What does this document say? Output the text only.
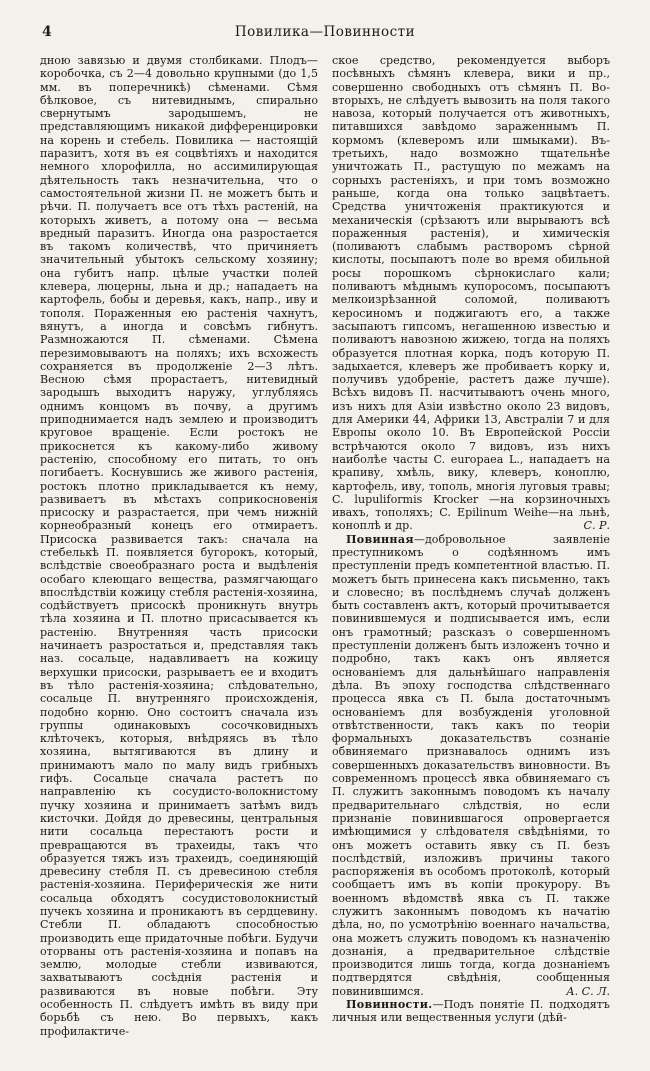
4	Повилика—Повинности

дною завязью и двумя столбиками. Плодъ—коробочка, съ 2—4 довольно крупными (до 1,5 мм. въ поперечникѣ) сѣменами. Сѣмя бѣлковое, съ нитевиднымъ, спирально свернутымъ зародышемъ, не представляющимъ никакой дифференцировки на корень и стебель. Повилика — настоящій паразитъ, хотя въ ея соцвѣтіяхъ и находится немного хлорофилла, но ассимилирующая дѣятельность такъ незначительна, что о самостоятельной жизни П. не можетъ быть и рѣчи. П. получаетъ все отъ тѣхъ растеній, на которыхъ живетъ, а потому она — весьма вредный паразитъ. Иногда она разростается въ такомъ количествѣ, что причиняетъ значительный убытокъ сельскому хозяину; она губитъ напр. цѣлые участки полей клевера, люцерны, льна и др.; нападаетъ на картофель, бобы и деревья, какъ, напр., иву и тополя. Пораженныя ею растенія чахнутъ, вянутъ, а иногда и совсѣмъ гибнутъ. Размножаются П. сѣменами. Сѣмена перезимовываютъ на поляхъ; ихъ всхожесть сохраняется въ продолженіе 2—3 лѣтъ. Весною сѣмя прорастаетъ, нитевидный зародышъ выходитъ наружу, углубляясь однимъ концомъ въ почву, а другимъ приподнимается надъ землею и производитъ круговое вращеніе. Если ростокъ не прикоснется къ какому-либо живому растенію, способному его питать, то онъ погибаетъ. Коснувшись же живого растенія, ростокъ плотно прикладывается къ нему, развиваетъ въ мѣстахъ соприкосновенія присоску и разрастается, при чемъ нижній корнеобразный конецъ его отмираетъ. Присоска развивается такъ: сначала на стебелькѣ П. появляется бугорокъ, который, вслѣдствіе своеобразнаго роста и выдѣленія особаго клеющаго вещества, размягчающаго впослѣдствіи кожицу стебля растенія-хозяина, содѣйствуетъ присоскѣ проникнуть внутрь тѣла хозяина и П. плотно присасывается къ растенію. Внутренняя часть присоски начинаетъ разростаться и, представляя такъ наз. сосальце, надавливаетъ на кожицу верхушки присоски, разрываетъ ее и входитъ въ тѣло растенія-хозяина; слѣдовательно, сосальце П. внутренняго происхожденія, подобно корню. Оно состоитъ сначала изъ группы одинаковыхъ сосочковидныхъ клѣточекъ, которыя, внѣдряясь въ тѣло хозяина, вытягиваются въ длину и принимаютъ мало по малу видъ грибныхъ гифъ. Сосальце сначала растетъ по направленію къ сосудисто-волокнистому пучку хозяина и принимаетъ затѣмъ видъ кисточки. Дойдя до древесины, центральныя нити сосальца перестаютъ рости и превращаются въ трахеиды, такъ что образуется тяжъ изъ трахеидъ, соединяющій древесину стебля П. съ древесиною стебля растенія-хозяина. Периферическія же нити сосальца обходятъ сосудистоволокнистый пучекъ хозяина и проникаютъ въ сердцевину. Стебли П. обладаютъ способностью производить еще придаточные побѣги. Будучи оторваны отъ растенія-хозяина и попавъ на землю, молодые стебли извиваются, захватываютъ сосѣднія растенія и развиваются въ новые побѣги. Эту особенность П. слѣдуетъ имѣть въ виду при борьбѣ съ нею. Во первыхъ, какъ профилактиче-

ское средство, рекомендуется выборъ посѣвныхъ сѣмянъ клевера, вики и пр., совершенно свободныхъ отъ сѣмянъ П. Во-вторыхъ, не слѣдуетъ вывозить на поля такого навоза, который получается отъ животныхъ, питавшихся завѣдомо зараженнымъ П. кормомъ (клеверомъ или шмыками). Въ-третьихъ, надо возможно тщательнѣе уничтожать П., растущую по межамъ на сорныхъ растеніяхъ, и при томъ возможно раньше, когда она только зацвѣтаетъ. Средства уничтоженія практикуются и механическія (срѣзаютъ или вырываютъ всѣ пораженныя растенія), и химическія (поливаютъ слабымъ растворомъ сѣрной кислоты, посыпаютъ поле во время обильной росы порошкомъ сѣрнокислаго кали; поливаютъ мѣднымъ купоросомъ, посыпаютъ мелкоизрѣзанной соломой, поливаютъ керосиномъ и поджигаютъ его, а также засыпаютъ гипсомъ, негашенною известью и поливаютъ навозною жижею, тогда на поляхъ образуется плотная корка, подъ которую П. задыхается, клеверъ же пробиваетъ корку и, получивъ удобреніе, растетъ даже лучше). Всѣхъ видовъ П. насчитываютъ очень много, изъ нихъ для Азіи извѣстно около 23 видовъ, для Америки 44, Африки 13, Австраліи 7 и для Европы около 10. Въ Европейской Россіи встрѣчаются около 7 видовъ, изъ нихъ наиболѣе часты C. europaea L., нападаетъ на крапиву, хмѣль, вику, клеверъ, коноплю, картофель, иву, тополь, многія луговыя травы; C. lupuliformis Krocker —на корзиночныхъ ивахъ, тополяхъ; C. Epilinum Weihe—на льнѣ, коноплѣ и др.	С. Р.

Повинная—добровольное заявленіе преступникомъ о содѣянномъ имъ преступленіи предъ компетентной властью. П. можетъ быть принесена какъ письменно, такъ и словесно; въ послѣднемъ случаѣ долженъ быть составленъ актъ, который прочитывается повинившемуся и подписывается имъ, если онъ грамотный; разсказъ о совершенномъ преступленіи долженъ быть изложенъ точно и подробно, такъ какъ онъ является основаніемъ для дальнѣйшаго направленія дѣла. Въ эпоху господства слѣдственнаго процесса явка съ П. была достаточнымъ основаніемъ для возбужденія уголовной отвѣтственности, такъ какъ по теоріи формальныхъ доказательствъ сознаніе обвиняемаго признавалось однимъ изъ совершенныхъ доказательствъ виновности. Въ современномъ процессѣ явка обвиняемаго съ П. служитъ законнымъ поводомъ къ началу предварительнаго слѣдствія, но если признаніе повинившагося опровергается имѣющимися у слѣдователя свѣдѣніями, то онъ можетъ оставить явку съ П. безъ послѣдствій, изложивъ причины такого распоряженія въ особомъ протоколѣ, который сообщаетъ имъ въ копіи прокурору. Въ военномъ вѣдомствѣ явка съ П. также служитъ законнымъ поводомъ къ начатію дѣла, но, по усмотрѣнію военнаго начальства, она можетъ служить поводомъ къ назначенію дознанія, а предварительное слѣдствіе производится лишь тогда, когда дознаніемъ подтвердятся свѣдѣнія, сообщенныя повинившимся.	А. С. Л.

Повинности.—Подъ понятіе П. подходятъ личныя или вещественныя услуги (дѣй-
